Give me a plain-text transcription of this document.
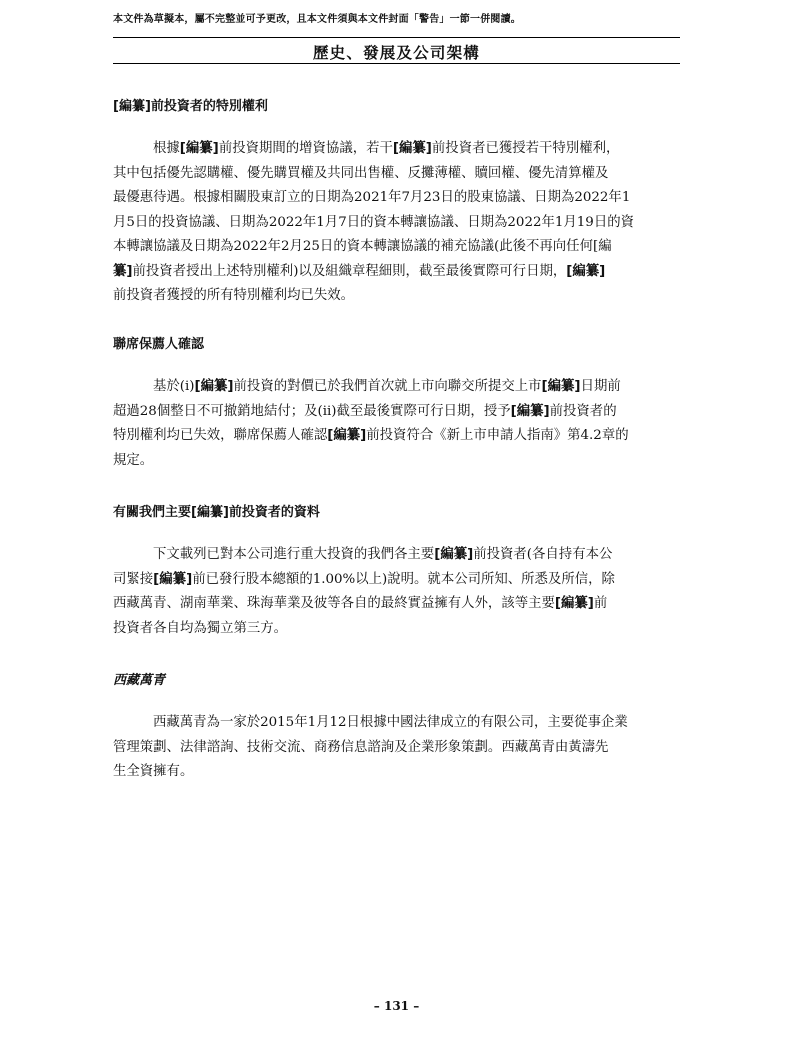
本文件為草擬本，屬不完整並可予更改，且本文件須與本文件封面「警告」一節一併閱讀。
歷史、發展及公司架構
[編纂]前投資者的特別權利
根據[編纂]前投資期間的增資協議，若干[編纂]前投資者已獲授若干特別權利，
其中包括優先認購權、優先購買權及共同出售權、反攤薄權、贖回權、優先清算權及
最優惠待遇。根據相關股東訂立的日期為2021年7月23日的股東協議、日期為2022年1
月5日的投資協議、日期為2022年1月7日的資本轉讓協議、日期為2022年1月19日的資
本轉讓協議及日期為2022年2月25日的資本轉讓協議的補充協議(此後不再向任何[編
纂]前投資者授出上述特別權利)以及組織章程細則，截至最後實際可行日期，[編纂]
前投資者獲授的所有特別權利均已失效。
聯席保薦人確認
基於(i)[編纂]前投資的對價已於我們首次就上市向聯交所提交上市[編纂]日期前
超過28個整日不可撤銷地結付；及(ii)截至最後實際可行日期，授予[編纂]前投資者的
特別權利均已失效，聯席保薦人確認[編纂]前投資符合《新上市申請人指南》第4.2章的
規定。
有關我們主要[編纂]前投資者的資料
下文載列已對本公司進行重大投資的我們各主要[編纂]前投資者(各自持有本公
司緊接[編纂]前已發行股本總額的1.00%以上)說明。就本公司所知、所悉及所信，除
西藏萬青、湖南華業、珠海華業及彼等各自的最終實益擁有人外，該等主要[編纂]前
投資者各自均為獨立第三方。
西藏萬青
西藏萬青為一家於2015年1月12日根據中國法律成立的有限公司，主要從事企業
管理策劃、法律諮詢、技術交流、商務信息諮詢及企業形象策劃。西藏萬青由黃濤先
生全資擁有。
– 131 –
